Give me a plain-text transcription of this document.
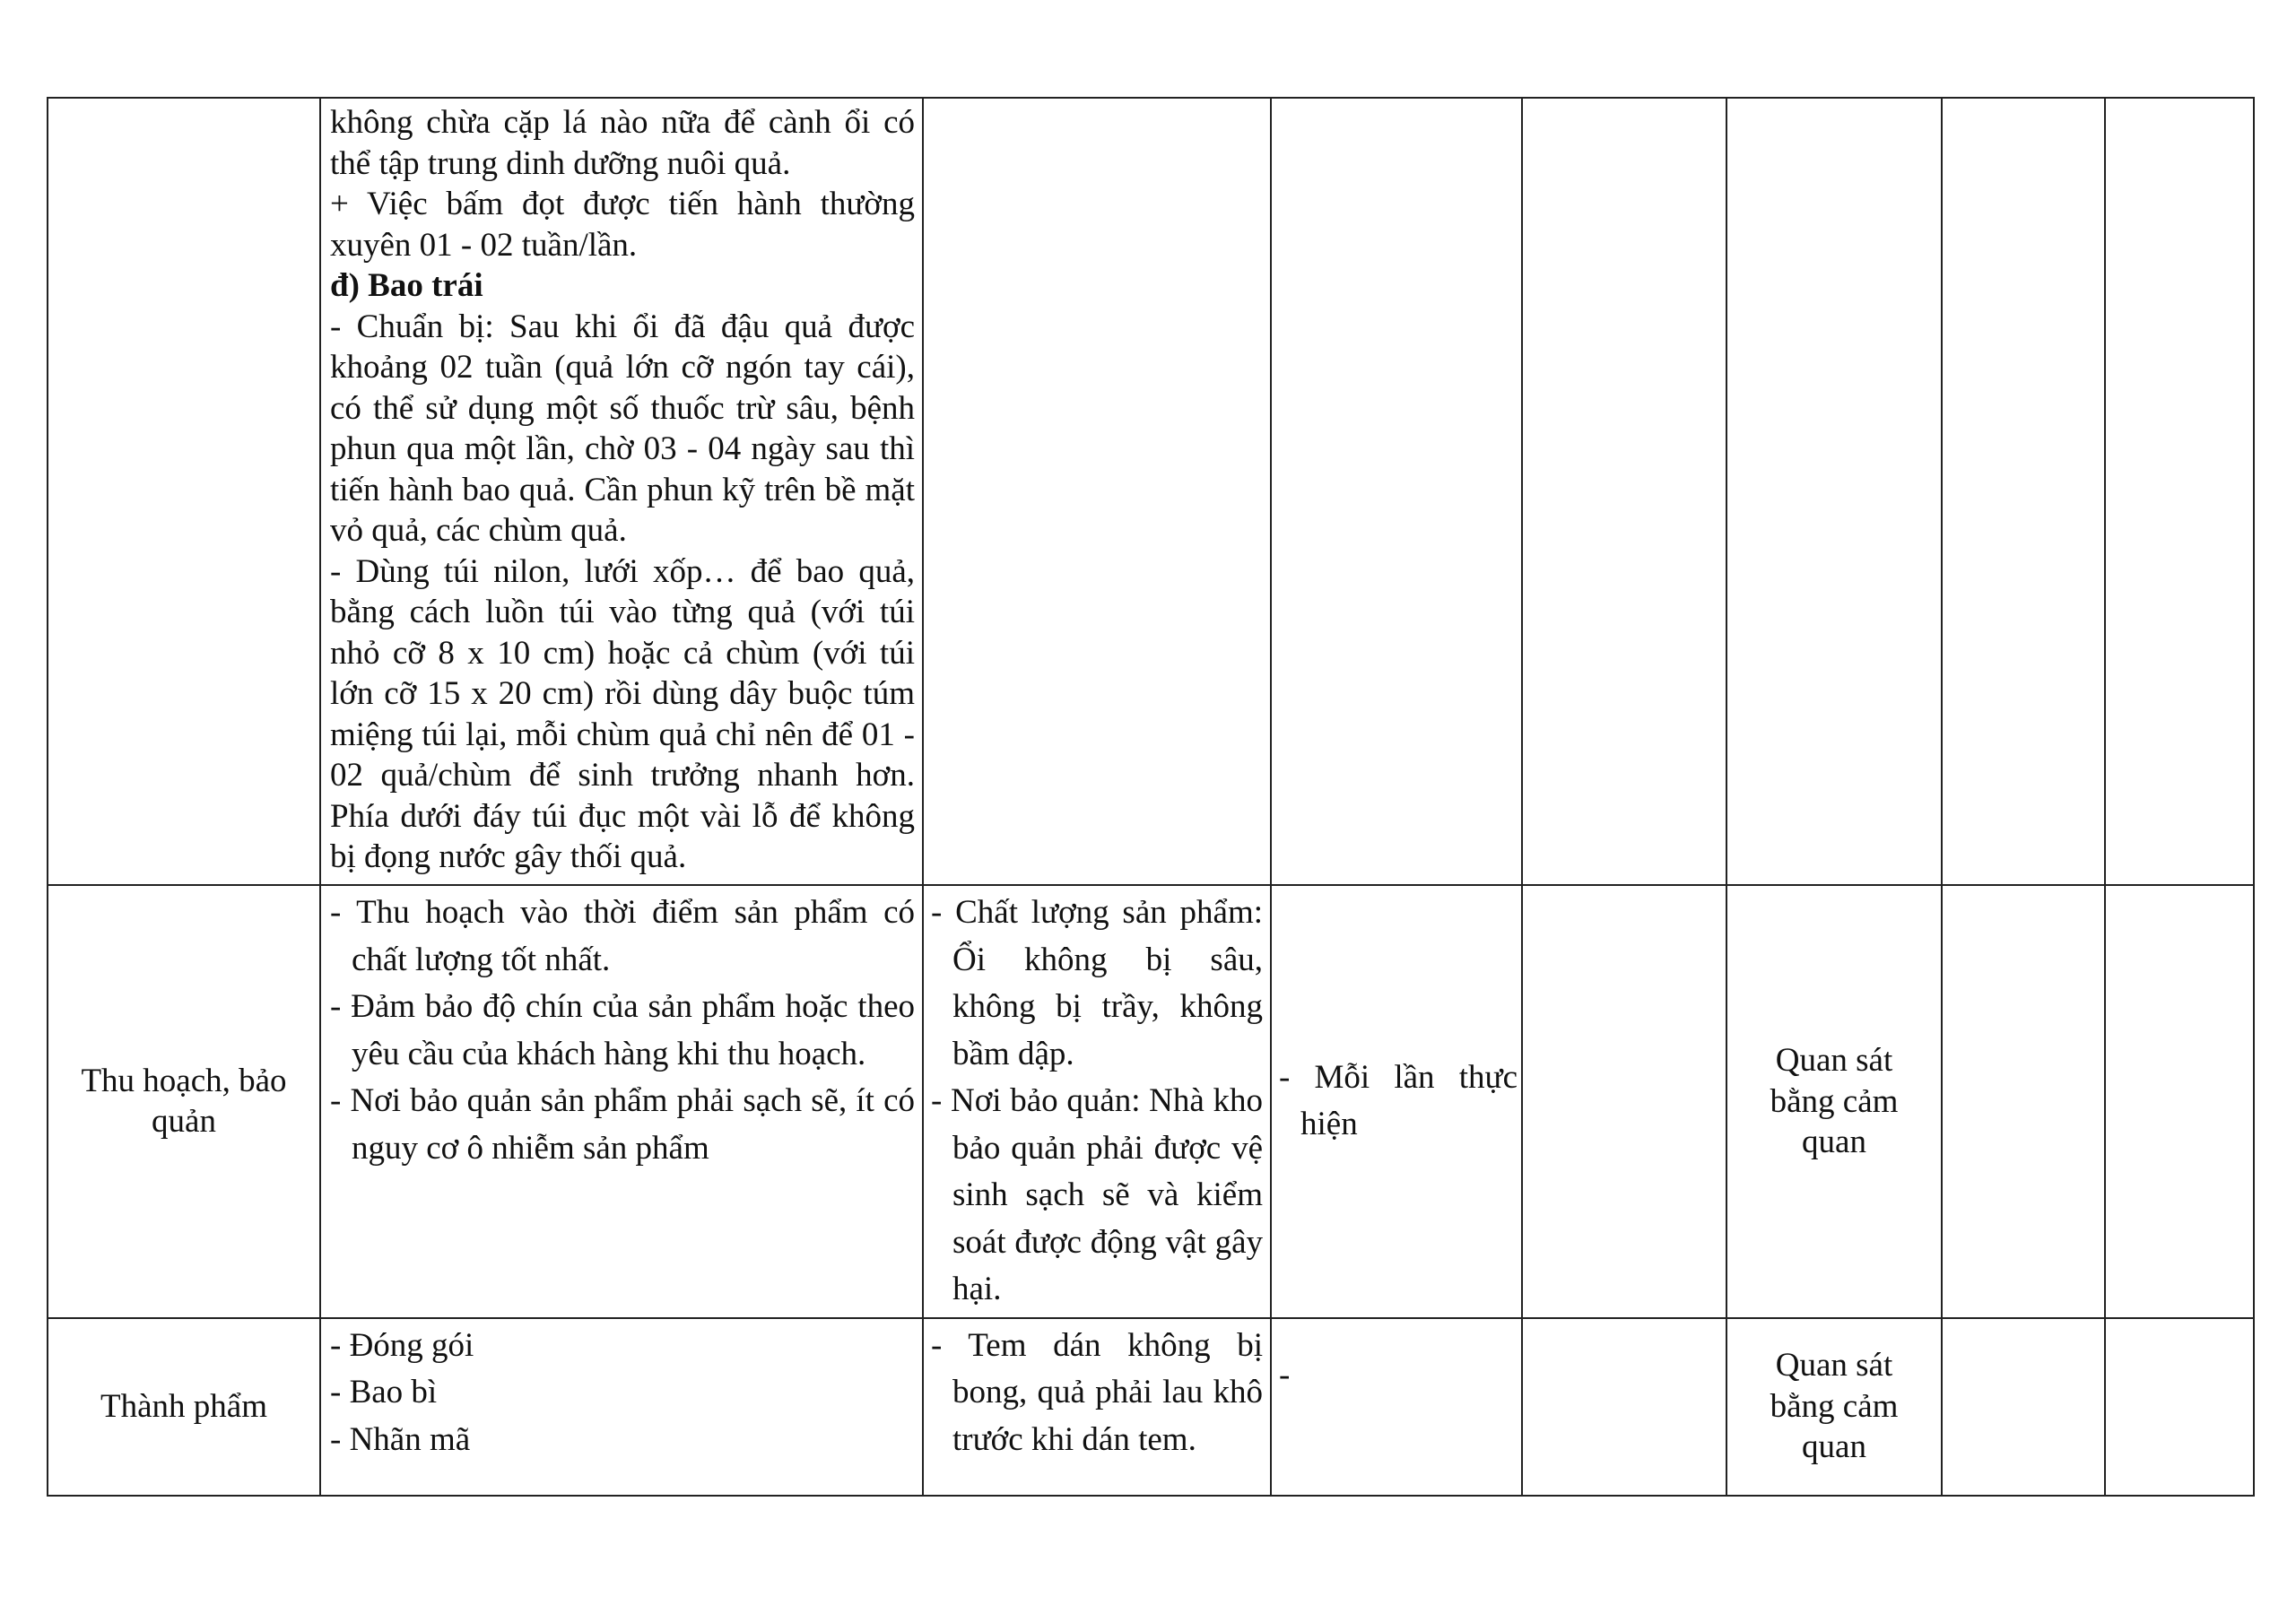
	không chừa cặp lá nào nữa để cành ổi có thể tập trung dinh dưỡng nuôi quả.
+ Việc bấm đọt được tiến hành thường xuyên 01 - 02 tuần/lần.
đ) Bao trái
- Chuẩn bị: Sau khi ổi đã đậu quả được khoảng 02 tuần (quả lớn cỡ ngón tay cái), có thể sử dụng một số thuốc trừ sâu, bệnh phun qua một lần, chờ 03 - 04 ngày sau thì tiến hành bao quả. Cần phun kỹ trên bề mặt vỏ quả, các chùm quả.
- Dùng túi nilon, lưới xốp… để bao quả, bằng cách luồn túi vào từng quả (với túi nhỏ cỡ 8 x 10 cm) hoặc cả chùm (với túi lớn cỡ 15 x 20 cm) rồi dùng dây buộc túm miệng túi lại, mỗi chùm quả chỉ nên để 01 - 02 quả/chùm để sinh trưởng nhanh hơn. Phía dưới đáy túi đục một vài lỗ để không bị đọng nước gây thối quả.						

Thu hoạch, bảo quản	- Thu hoạch vào thời điểm sản phẩm có chất lượng tốt nhất.
- Đảm bảo độ chín của sản phẩm hoặc theo yêu cầu của khách hàng khi thu hoạch.
- Nơi bảo quản sản phẩm phải sạch sẽ, ít có nguy cơ ô nhiễm sản phẩm	- Chất lượng sản phẩm: Ổi không bị sâu, không bị trầy, không bầm dập.
- Nơi bảo quản: Nhà kho bảo quản phải được vệ sinh sạch sẽ và kiểm soát được động vật gây hại.	- Mỗi lần thực hiện		Quan sát bằng cảm quan		
Thành phẩm	- Đóng gói
- Bao bì
- Nhãn mã	- Tem dán không bị bong, quả phải lau khô trước khi dán tem.	-		Quan sát bằng cảm quan		
